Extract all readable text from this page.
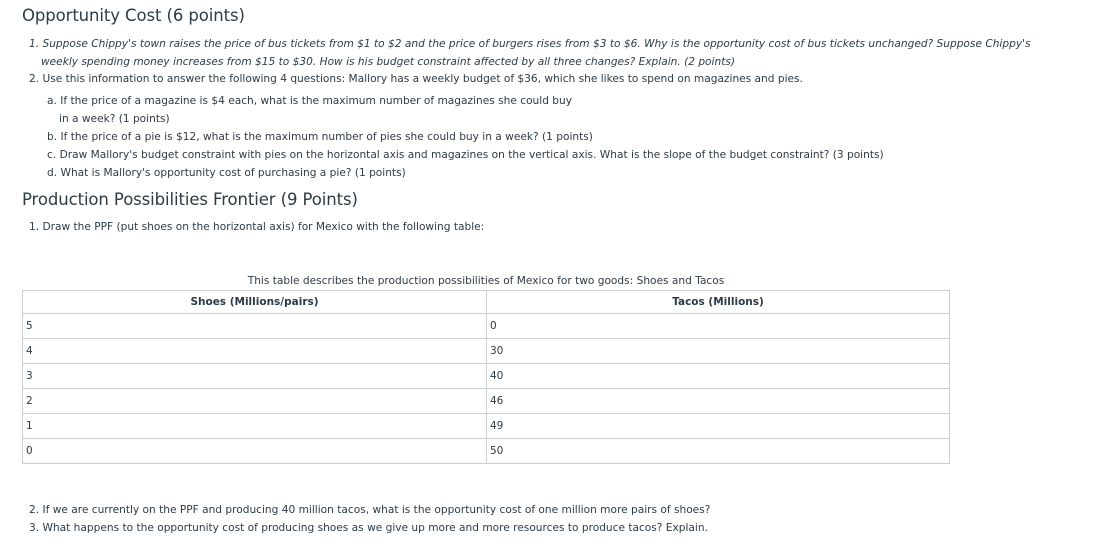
Opportunity Cost (6 points)
1. Suppose Chippy's town raises the price of bus tickets from $1 to $2 and the price of burgers rises from $3 to $6. Why is the opportunity cost of bus tickets unchanged? Suppose Chippy's
weekly spending money increases from $15 to $30. How is his budget constraint affected by all three changes? Explain. (2 points)
2. Use this information to answer the following 4 questions: Mallory has a weekly budget of $36, which she likes to spend on magazines and pies.
a. If the price of a magazine is $4 each, what is the maximum number of magazines she could buy
in a week? (1 points)
b. If the price of a pie is $12, what is the maximum number of pies she could buy in a week? (1 points)
c. Draw Mallory's budget constraint with pies on the horizontal axis and magazines on the vertical axis. What is the slope of the budget constraint? (3 points)
d. What is Mallory's opportunity cost of purchasing a pie? (1 points)
Production Possibilities Frontier (9 Points)
1. Draw the PPF (put shoes on the horizontal axis) for Mexico with the following table:
This table describes the production possibilities of Mexico for two goods: Shoes and Tacos
Shoes (Millions/pairs)	Tacos (Millions)
5	0
4	30
3	40
2	46
1	49
0	50
2. If we are currently on the PPF and producing 40 million tacos, what is the opportunity cost of one million more pairs of shoes?
3. What happens to the opportunity cost of producing shoes as we give up more and more resources to produce tacos? Explain.
